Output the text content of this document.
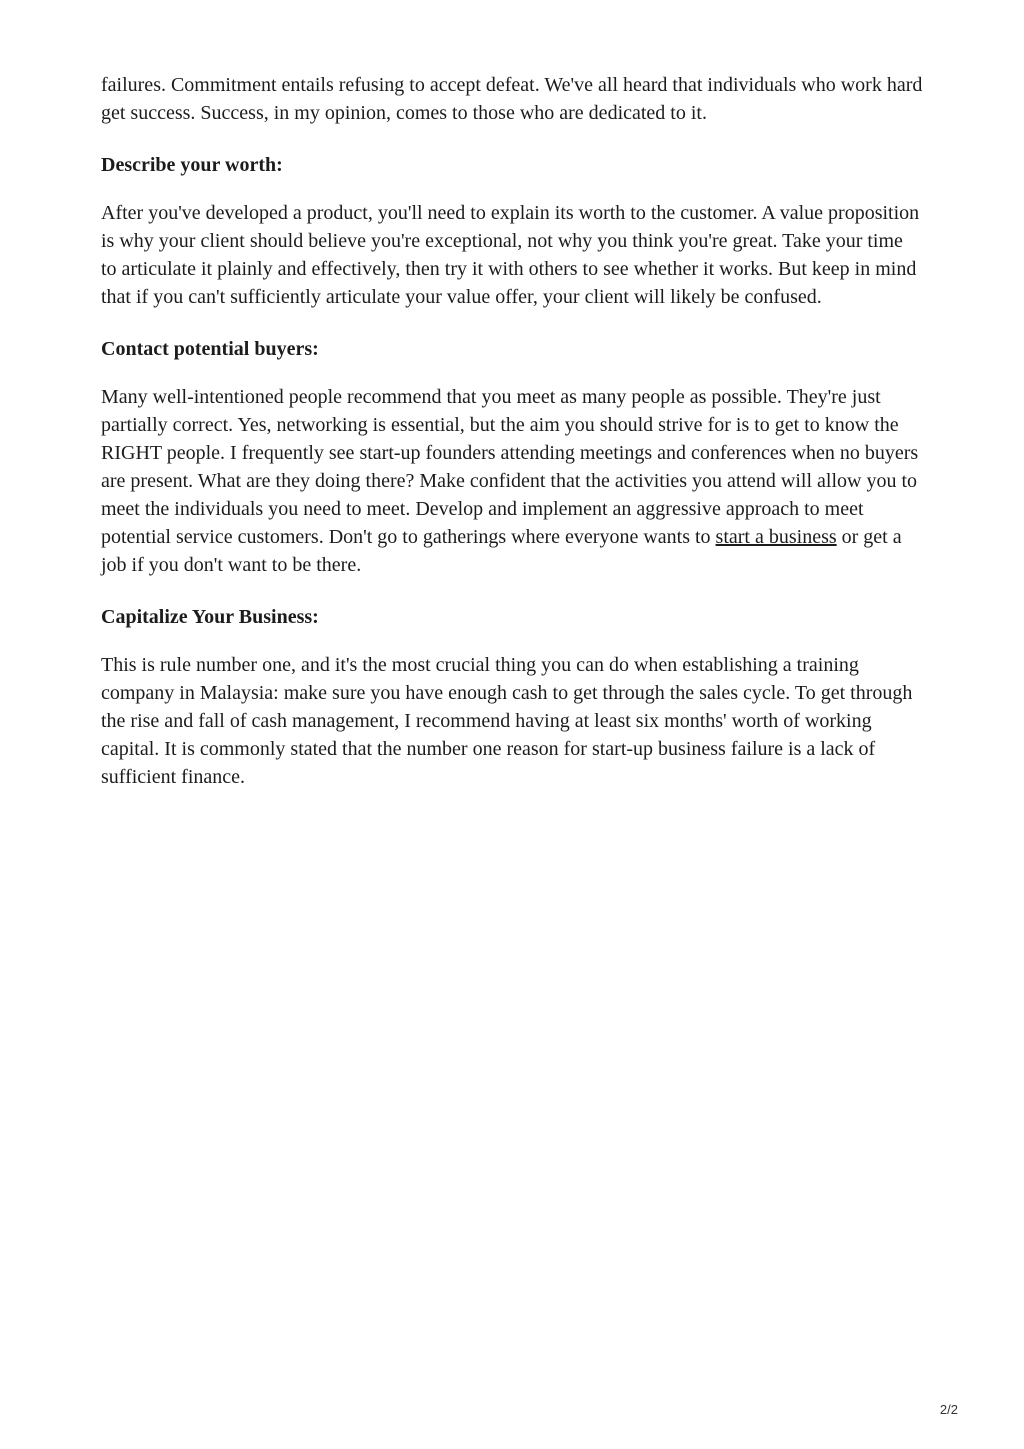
failures. Commitment entails refusing to accept defeat. We've all heard that individuals who work hard get success. Success, in my opinion, comes to those who are dedicated to it.

Describe your worth:

After you've developed a product, you'll need to explain its worth to the customer. A value proposition is why your client should believe you're exceptional, not why you think you're great. Take your time to articulate it plainly and effectively, then try it with others to see whether it works. But keep in mind that if you can't sufficiently articulate your value offer, your client will likely be confused.

Contact potential buyers:

Many well-intentioned people recommend that you meet as many people as possible. They're just partially correct. Yes, networking is essential, but the aim you should strive for is to get to know the RIGHT people. I frequently see start-up founders attending meetings and conferences when no buyers are present. What are they doing there? Make confident that the activities you attend will allow you to meet the individuals you need to meet. Develop and implement an aggressive approach to meet potential service customers. Don't go to gatherings where everyone wants to start a business or get a job if you don't want to be there.

Capitalize Your Business:

This is rule number one, and it's the most crucial thing you can do when establishing a training company in Malaysia: make sure you have enough cash to get through the sales cycle. To get through the rise and fall of cash management, I recommend having at least six months' worth of working capital. It is commonly stated that the number one reason for start-up business failure is a lack of sufficient finance.

2/2
